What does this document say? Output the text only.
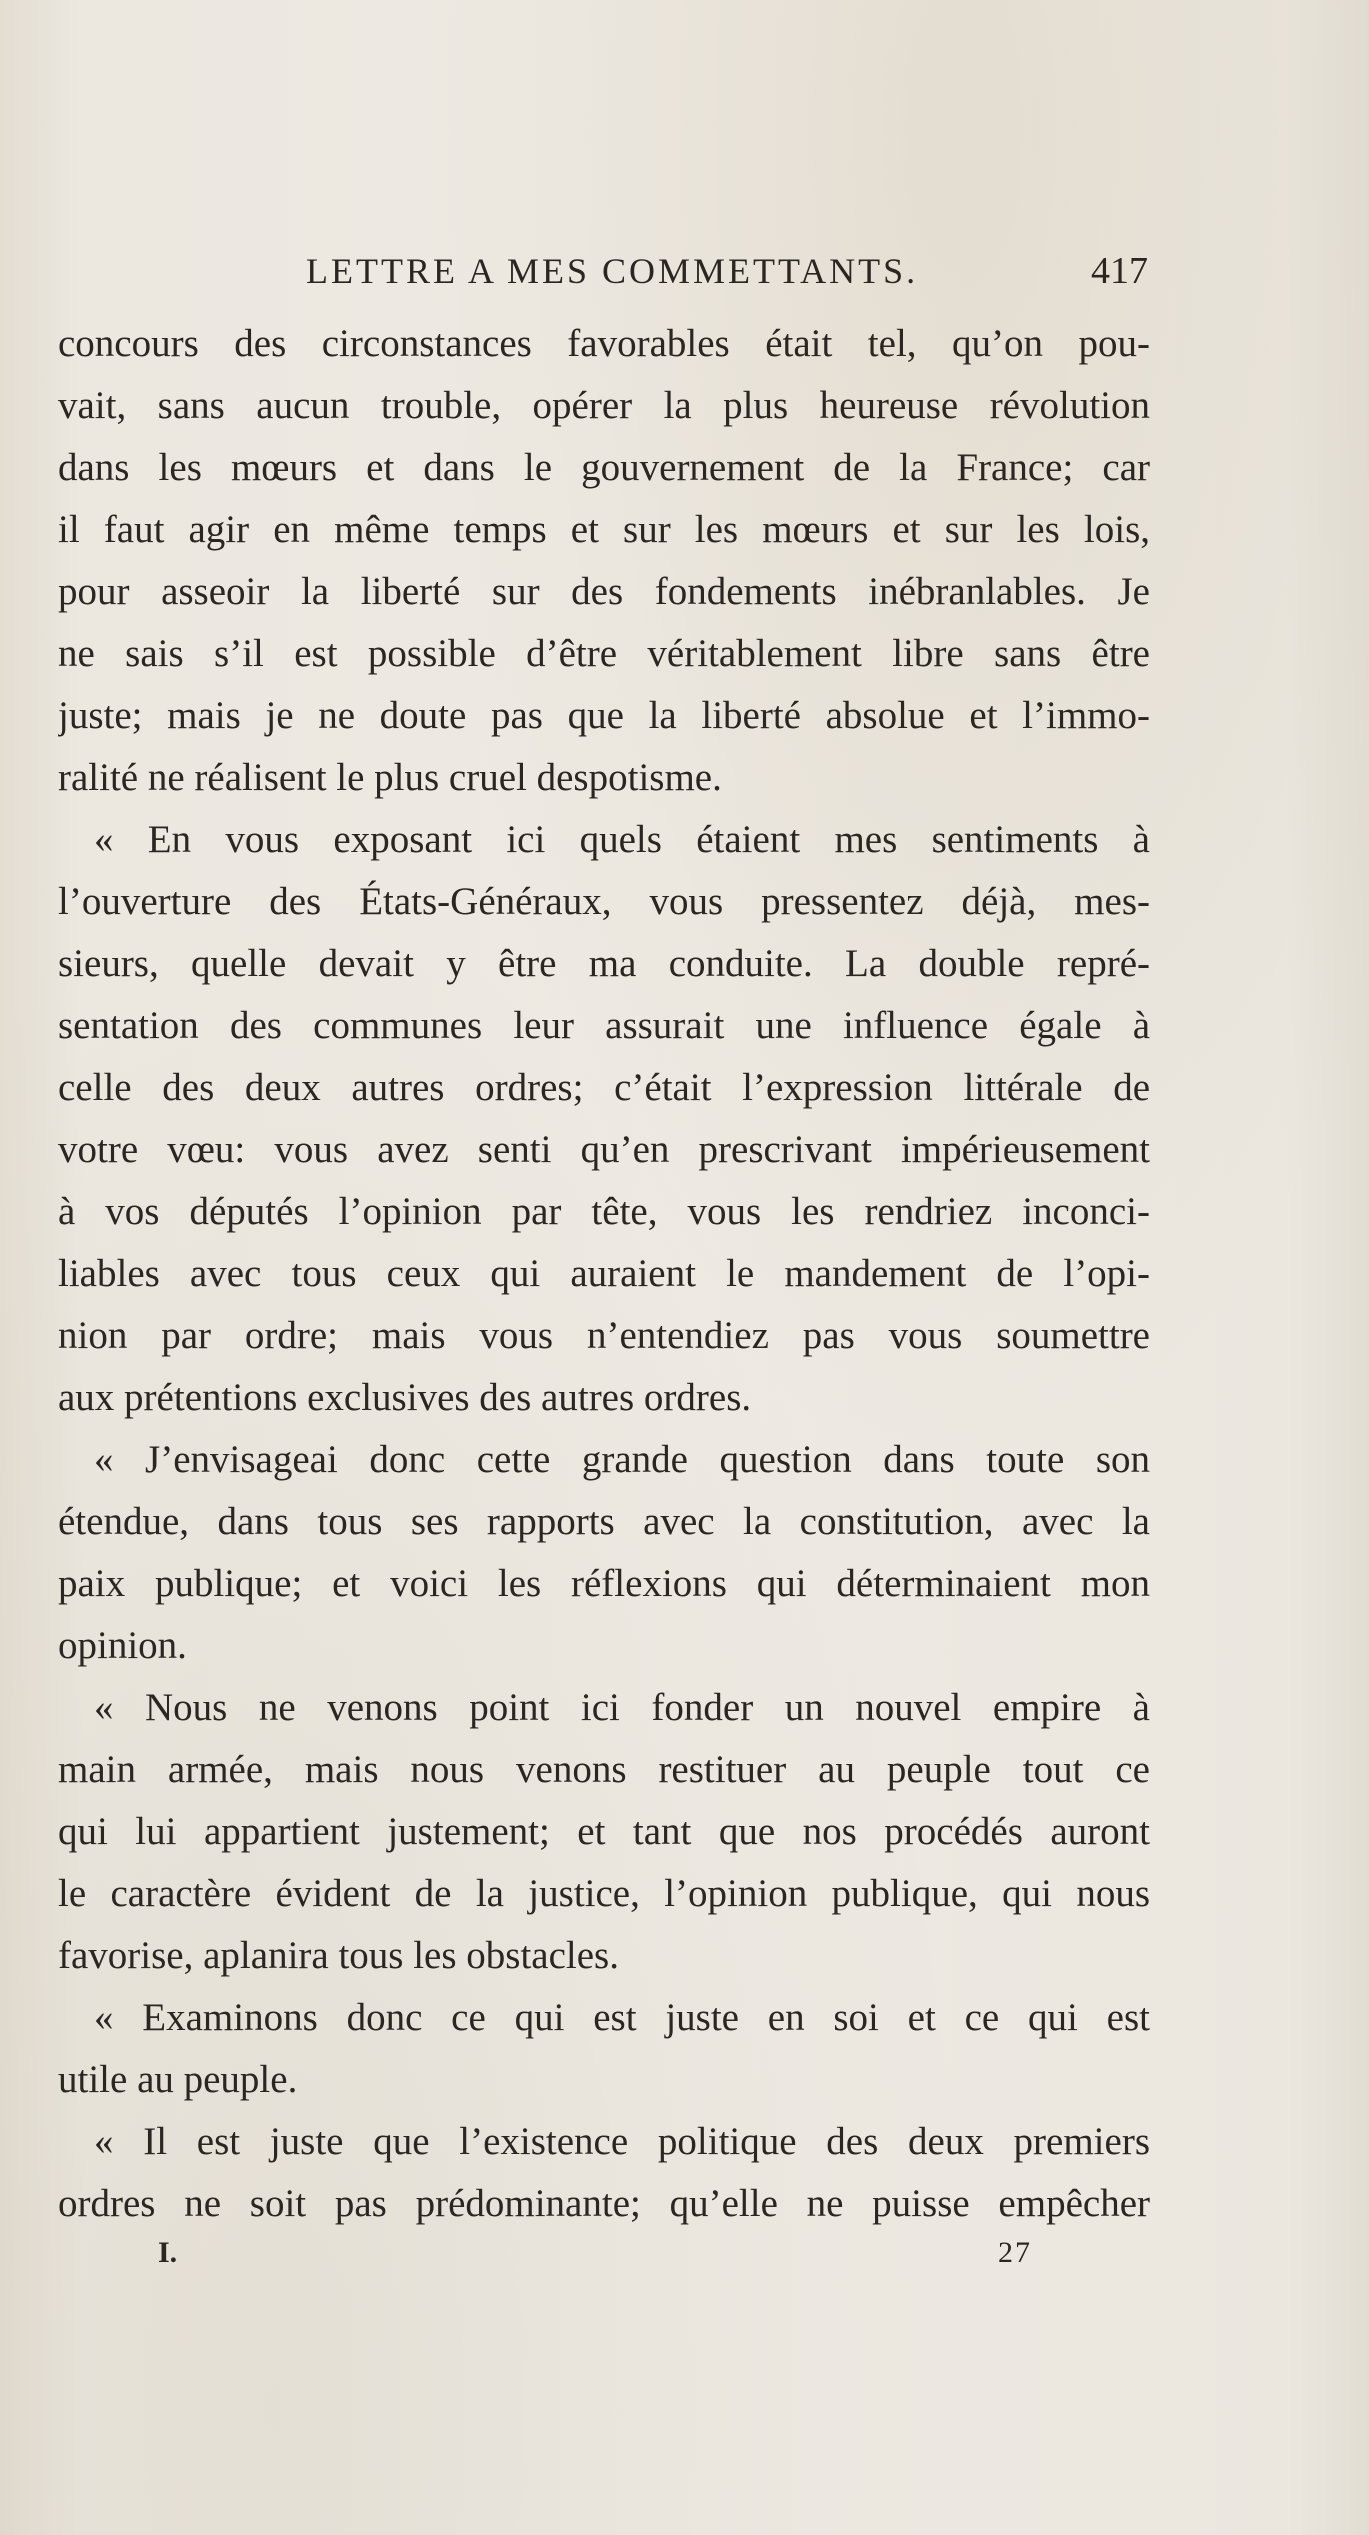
LETTRE A MES COMMETTANTS.	417
concours des circonstances favorables était tel, qu’on pou-
vait, sans aucun trouble, opérer la plus heureuse révolution
dans les mœurs et dans le gouvernement de la France; car
il faut agir en même temps et sur les mœurs et sur les lois,
pour asseoir la liberté sur des fondements inébranlables. Je
ne sais s’il est possible d’être véritablement libre sans être
juste; mais je ne doute pas que la liberté absolue et l’immo-
ralité ne réalisent le plus cruel despotisme.
« En vous exposant ici quels étaient mes sentiments à
l’ouverture des États-Généraux, vous pressentez déjà, mes-
sieurs, quelle devait y être ma conduite. La double repré-
sentation des communes leur assurait une influence égale à
celle des deux autres ordres; c’était l’expression littérale de
votre vœu: vous avez senti qu’en prescrivant impérieusement
à vos députés l’opinion par tête, vous les rendriez inconci-
liables avec tous ceux qui auraient le mandement de l’opi-
nion par ordre; mais vous n’entendiez pas vous soumettre
aux prétentions exclusives des autres ordres.
« J’envisageai donc cette grande question dans toute son
étendue, dans tous ses rapports avec la constitution, avec la
paix publique; et voici les réflexions qui déterminaient mon
opinion.
« Nous ne venons point ici fonder un nouvel empire à
main armée, mais nous venons restituer au peuple tout ce
qui lui appartient justement; et tant que nos procédés auront
le caractère évident de la justice, l’opinion publique, qui nous
favorise, aplanira tous les obstacles.
« Examinons donc ce qui est juste en soi et ce qui est
utile au peuple.
« Il est juste que l’existence politique des deux premiers
ordres ne soit pas prédominante; qu’elle ne puisse empêcher
I.	27
